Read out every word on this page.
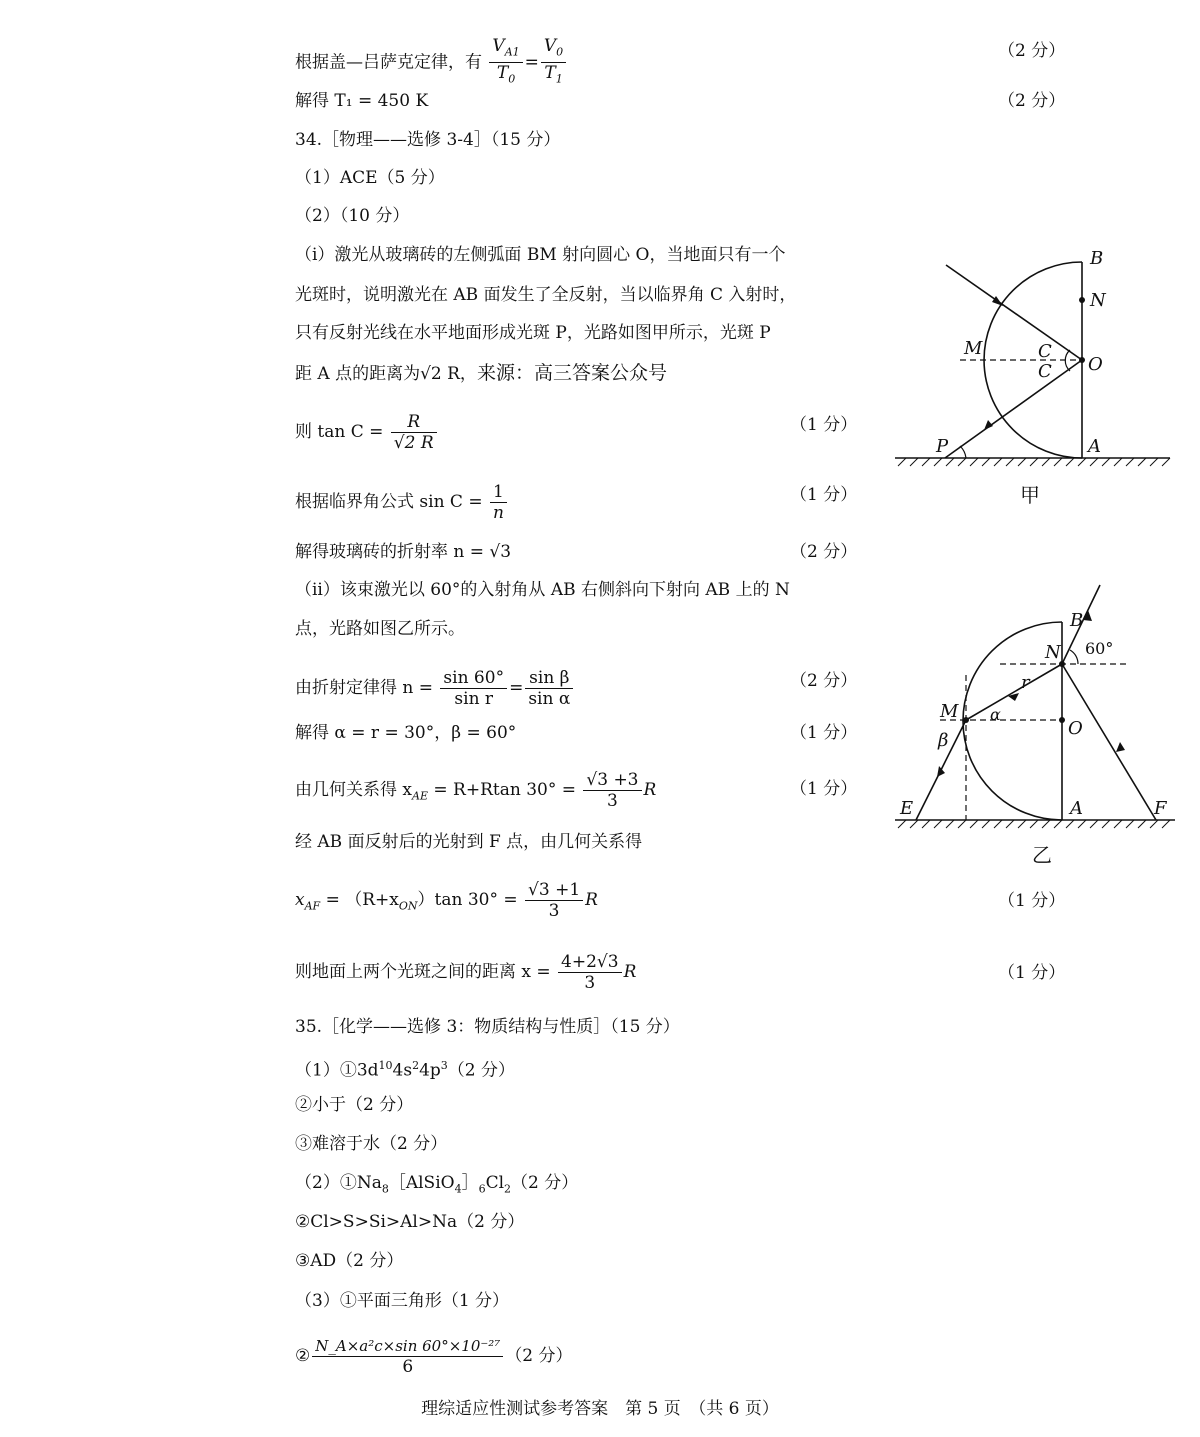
根据盖—吕萨克定律，有 $\frac{V_{A1}}{T_0} = \frac{V_0}{T_1}$	（2 分）
解得 T₁ = 450 K	（2 分）
34.［物理——选修 3-4］（15 分）
（1）ACE（5 分）
（2）（10 分）
（i）激光从玻璃砖的左侧弧面 BM 射向圆心 O，当地面只有一个
光斑时，说明激光在 AB 面发生了全反射，当以临界角 C 入射时，
只有反射光线在水平地面形成光斑 P，光路如图甲所示，光斑 P
距 A 点的距离为√2 R，来源：高三答案公众号
则 $\tan C = \frac{R}{√2 R}$	（1 分）
根据临界角公式 $\sin C = \frac{1}{n}$	（1 分）
解得玻璃砖的折射率 n = √3	（2 分）
（ii）该束激光以 60°的入射角从 AB 右侧斜向下射向 AB 上的 N
点，光路如图乙所示。
由折射定律得 $n = \frac{\sin 60^\circ}{\text{sin r}} = \frac{\text{sin β}}{\text{sin α}}$	（2 分）
解得 α = r = 30°，β = 60°	（1 分）
由几何关系得 $x_{AE} = R+Rtan$ $30^\circ = \frac{√3 +3}{3}$ R	（1 分）
经 AB 面反射后的光射到 F 点，由几何关系得
$x_{AF} = (R+x_{ON})\tan$ $30^\circ = \frac{√3 +1}{3}$ R	（1 分）
则地面上两个光斑之间的距离 $x = \frac{4+2√3}{3}$ R	（1 分）
35.［化学——选修 3：物质结构与性质］（15 分）
$(1)①3d^{10}4s^24p^3(2$ 分）
②小于（2 分）
③难溶于水（2 分）
$(2)①Na_8[AlSiO_4]_6Cl_2(2$ 分）
②Cl>S>Si>Al>Na（2 分）
③AD（2 分）
（3）①平面三角形（1 分）
② $\frac{\text{N\_A×a²c×sin 60°×10⁻²⁷}}{6} (2$ 分）
B
N
M	C
C O
P	A
甲
B
N
r
M α
O
β
E	A	F
60°
乙
理综适应性测试参考答案　第 5 页　（共 6 页）
